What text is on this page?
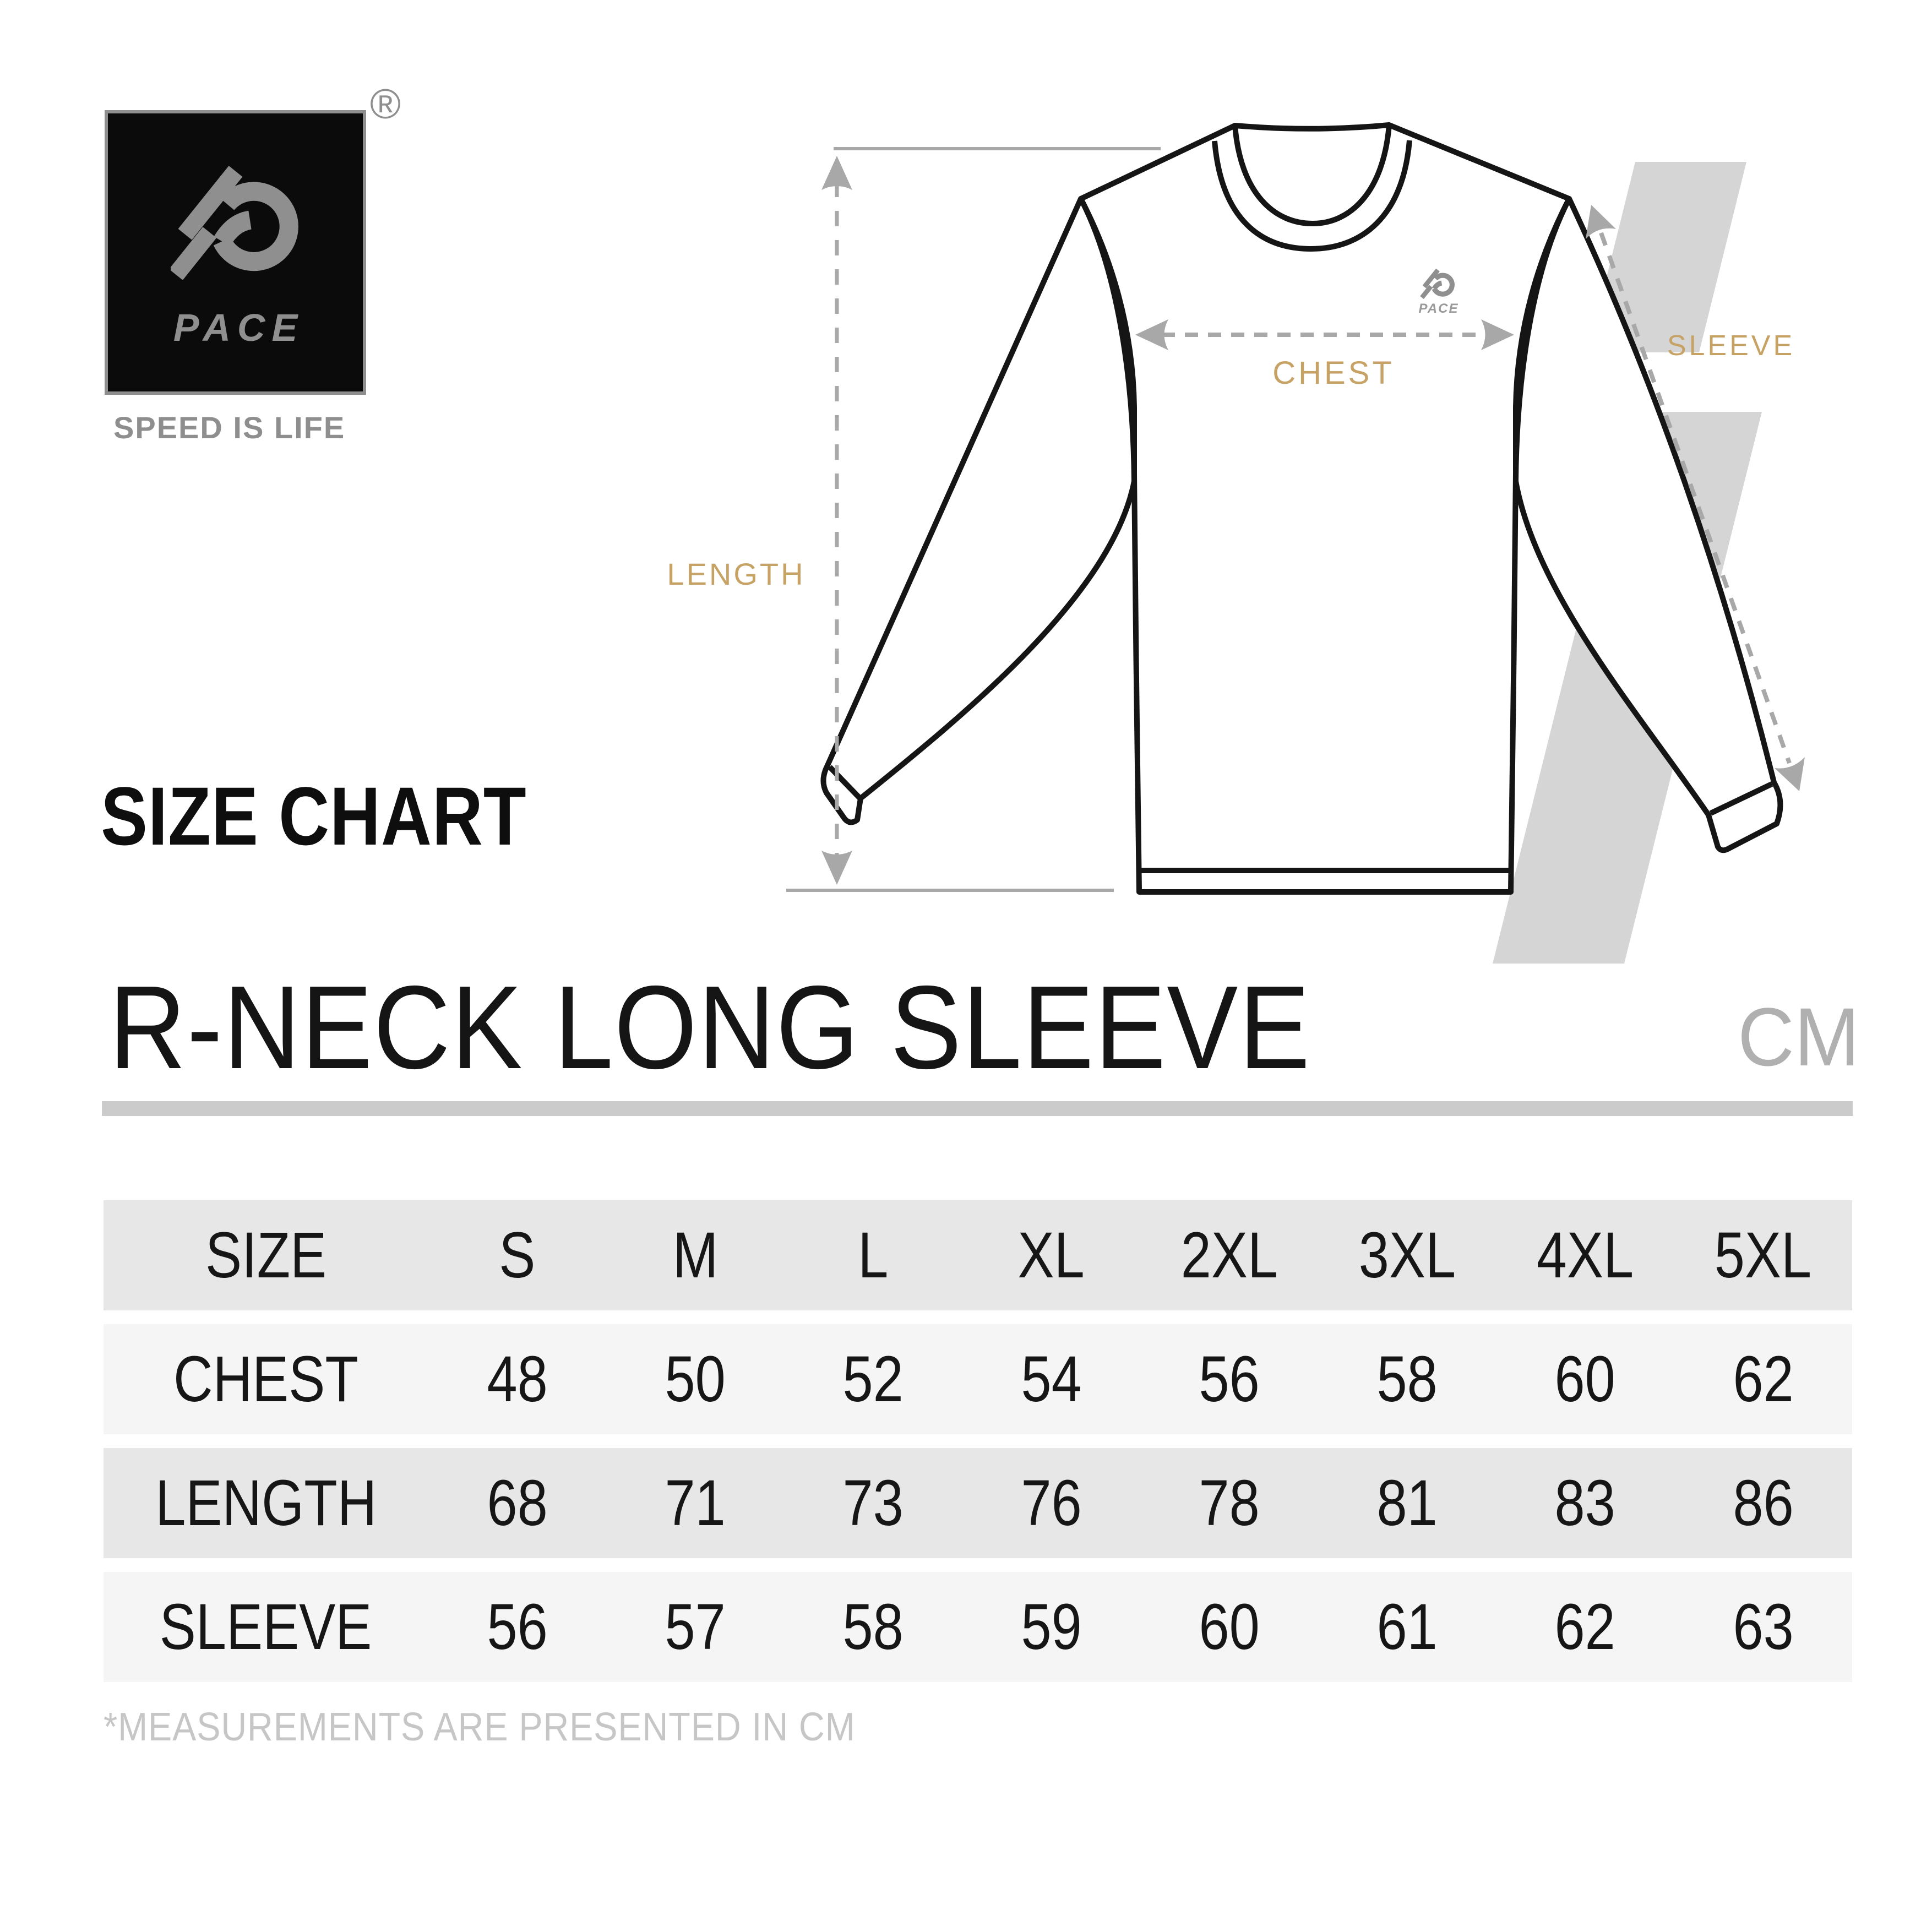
PACE
LENGTH
CHEST
SLEEVE
PACE
®
SPEED IS LIFE
SIZE CHART
R-NECK LONG SLEEVE	CM
SIZE	S	M	L	XL	2XL	3XL	4XL	5XL
CHEST	48	50	52	54	56	58	60	62
LENGTH	68	71	73	76	78	81	83	86
SLEEVE	56	57	58	59	60	61	62	63
*MEASUREMENTS ARE PRESENTED IN CM
